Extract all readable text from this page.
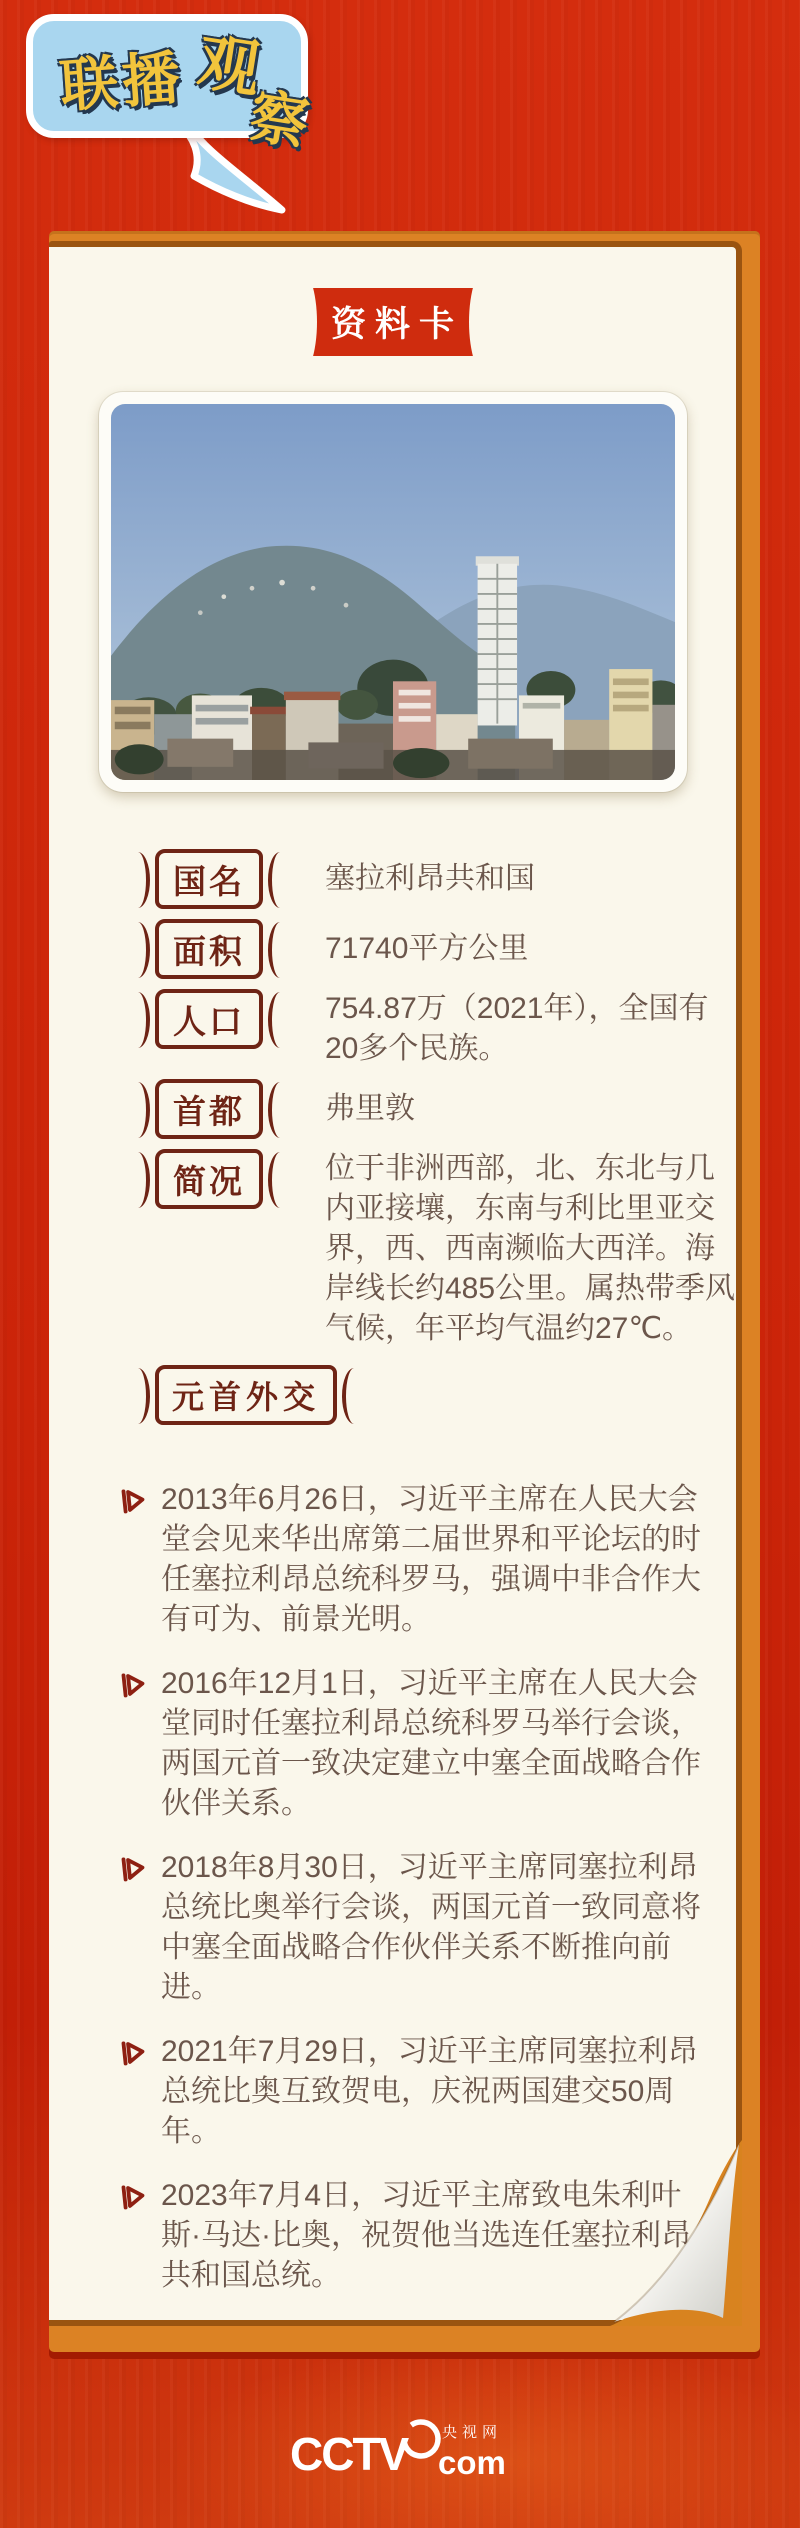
联播 观
察
资料卡
国名	塞拉利昂共和国
面积	71740平方公里
人口	754.87万（2021年），全国有20多个民族。
首都	弗里敦
简况	位于非洲西部，北、东北与几内亚接壤，东南与利比里亚交界，西、西南濒临大西洋。海岸线长约485公里。属热带季风气候，年平均气温约27℃。
元首外交
2013年6月26日，习近平主席在人民大会堂会见来华出席第二届世界和平论坛的时任塞拉利昂总统科罗马，强调中非合作大有可为、前景光明。
2016年12月1日，习近平主席在人民大会堂同时任塞拉利昂总统科罗马举行会谈，两国元首一致决定建立中塞全面战略合作伙伴关系。
2018年8月30日，习近平主席同塞拉利昂总统比奥举行会谈，两国元首一致同意将中塞全面战略合作伙伴关系不断推向前进。
2021年7月29日，习近平主席同塞拉利昂总统比奥互致贺电，庆祝两国建交50周年。
2023年7月4日，习近平主席致电朱利叶斯·马达·比奥，祝贺他当选连任塞拉利昂共和国总统。
CCTV 央视网
com
